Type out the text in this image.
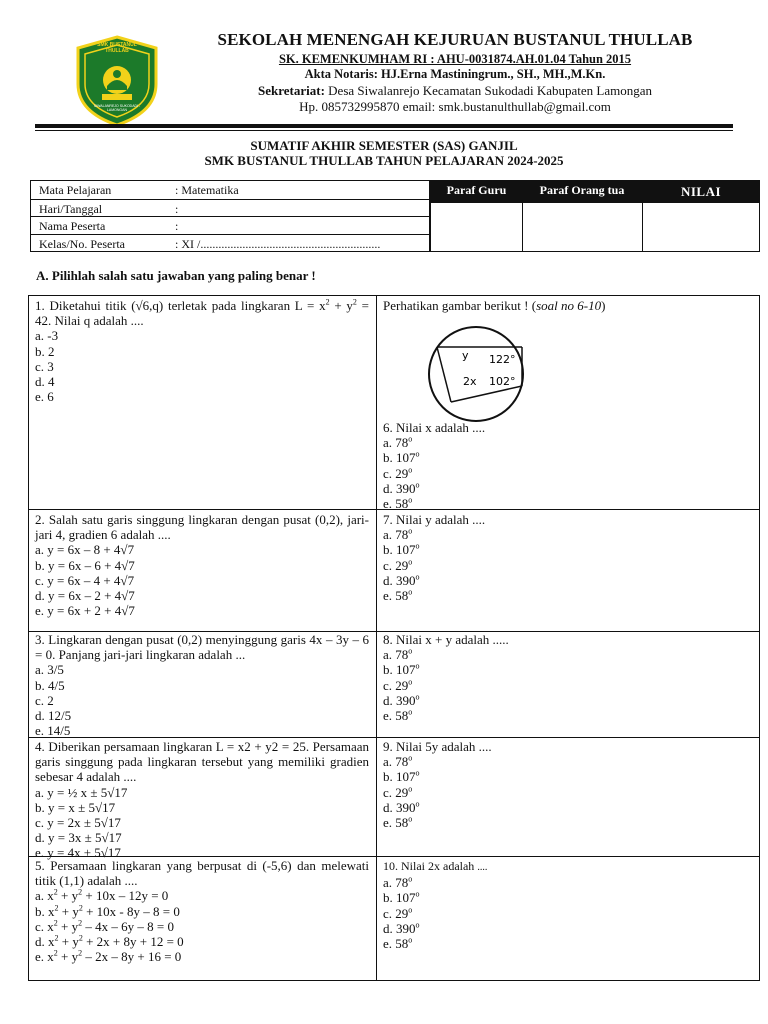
SMK BUSTANUL THULLAB
SIWALANREJO SUKODADI - LAMONGAN
SEKOLAH MENENGAH KEJURUAN BUSTANUL THULLAB
SK. KEMENKUMHAM RI : AHU-0031874.AH.01.04 Tahun 2015
Akta Notaris: HJ.Erna Mastiningrum., SH., MH.,M.Kn.
Sekretariat: Desa Siwalanrejo Kecamatan Sukodadi Kabupaten Lamongan
Hp. 085732995870 email: smk.bustanulthullab@gmail.com
SUMATIF AKHIR SEMESTER (SAS) GANJIL
SMK BUSTANUL THULLAB TAHUN PELAJARAN 2024-2025
Mata Pelajaran	: Matematika
Hari/Tanggal	:
Nama Peserta	:
Kelas/No. Peserta	: XI /............................................................
Paraf Guru	Paraf Orang tua	NILAI
A. Pilihlah salah satu jawaban yang paling benar !

1. Diketahui titik (√6,q) terletak pada lingkaran $L = x^2 + y^2 = 42$. Nilai q adalah ....

a. -3

b. 2

c. 3

d. 4

e. 6

2. Salah satu garis singgung lingkaran dengan pusat (0,2), jari-jari 4, gradien 6 adalah ....

a. y = 6x – 8 + 4√7

b. y = 6x – 6 + 4√7

c. y = 6x – 4 + 4√7

d. y = 6x – 2 + 4√7

e. y = 6x + 2 + 4√7

3. Lingkaran dengan pusat (0,2) menyinggung garis 4x – 3y – 6 = 0. Panjang jari-jari lingkaran adalah ...

a. 3/5

b. 4/5

c. 2

d. 12/5

e. 14/5

4. Diberikan persamaan lingkaran L = x2 + y2 = 25. Persamaan garis singgung pada lingkaran tersebut yang memiliki gradien sebesar 4 adalah ....

a. y = ½ x ± 5√17

b. y = x ± 5√17

c. y = 2x ± 5√17

d. y = 3x ± 5√17

e. y = 4x ± 5√17

5. Persamaan lingkaran yang berpusat di (-5,6) dan melewati titik (1,1) adalah ....

a. $x^2 + y^2 + 10x - 12y = 0$

b. $x^2 + y^2 + 10x - 8y - 8 = 0$

c. $x^2 + y^2 - 4x - 6y - 8 = 0$

d. $x^2 + y^2 + 2x + 8y + 12 = 0$

e. $x^2 + y^2 - 2x - 8y + 16 = 0$

Perhatikan gambar berikut ! (soal no 6-10)

y 122°
2x 102°

6. Nilai x adalah ....

a. 78$^o$

b. 107$^o$

c. 29$^o$

d. 390$^o$

e. 58$^o$

7. Nilai y adalah ....

a. 78$^o$

b. 107$^o$

c. 29$^o$

d. 390$^o$

e. 58$^o$

8. Nilai x + y adalah .....

a. 78$^o$

b. 107$^o$

c. 29$^o$

d. 390$^o$

e. 58$^o$

9. Nilai 5y adalah ....

a. 78$^o$

b. 107$^o$

c. 29$^o$

d. 390$^o$

e. 58$^o$

10. Nilai 2x adalah ....

a. 78$^o$

b. 107$^o$

c. 29$^o$

d. 390$^o$

e. 58$^o$
